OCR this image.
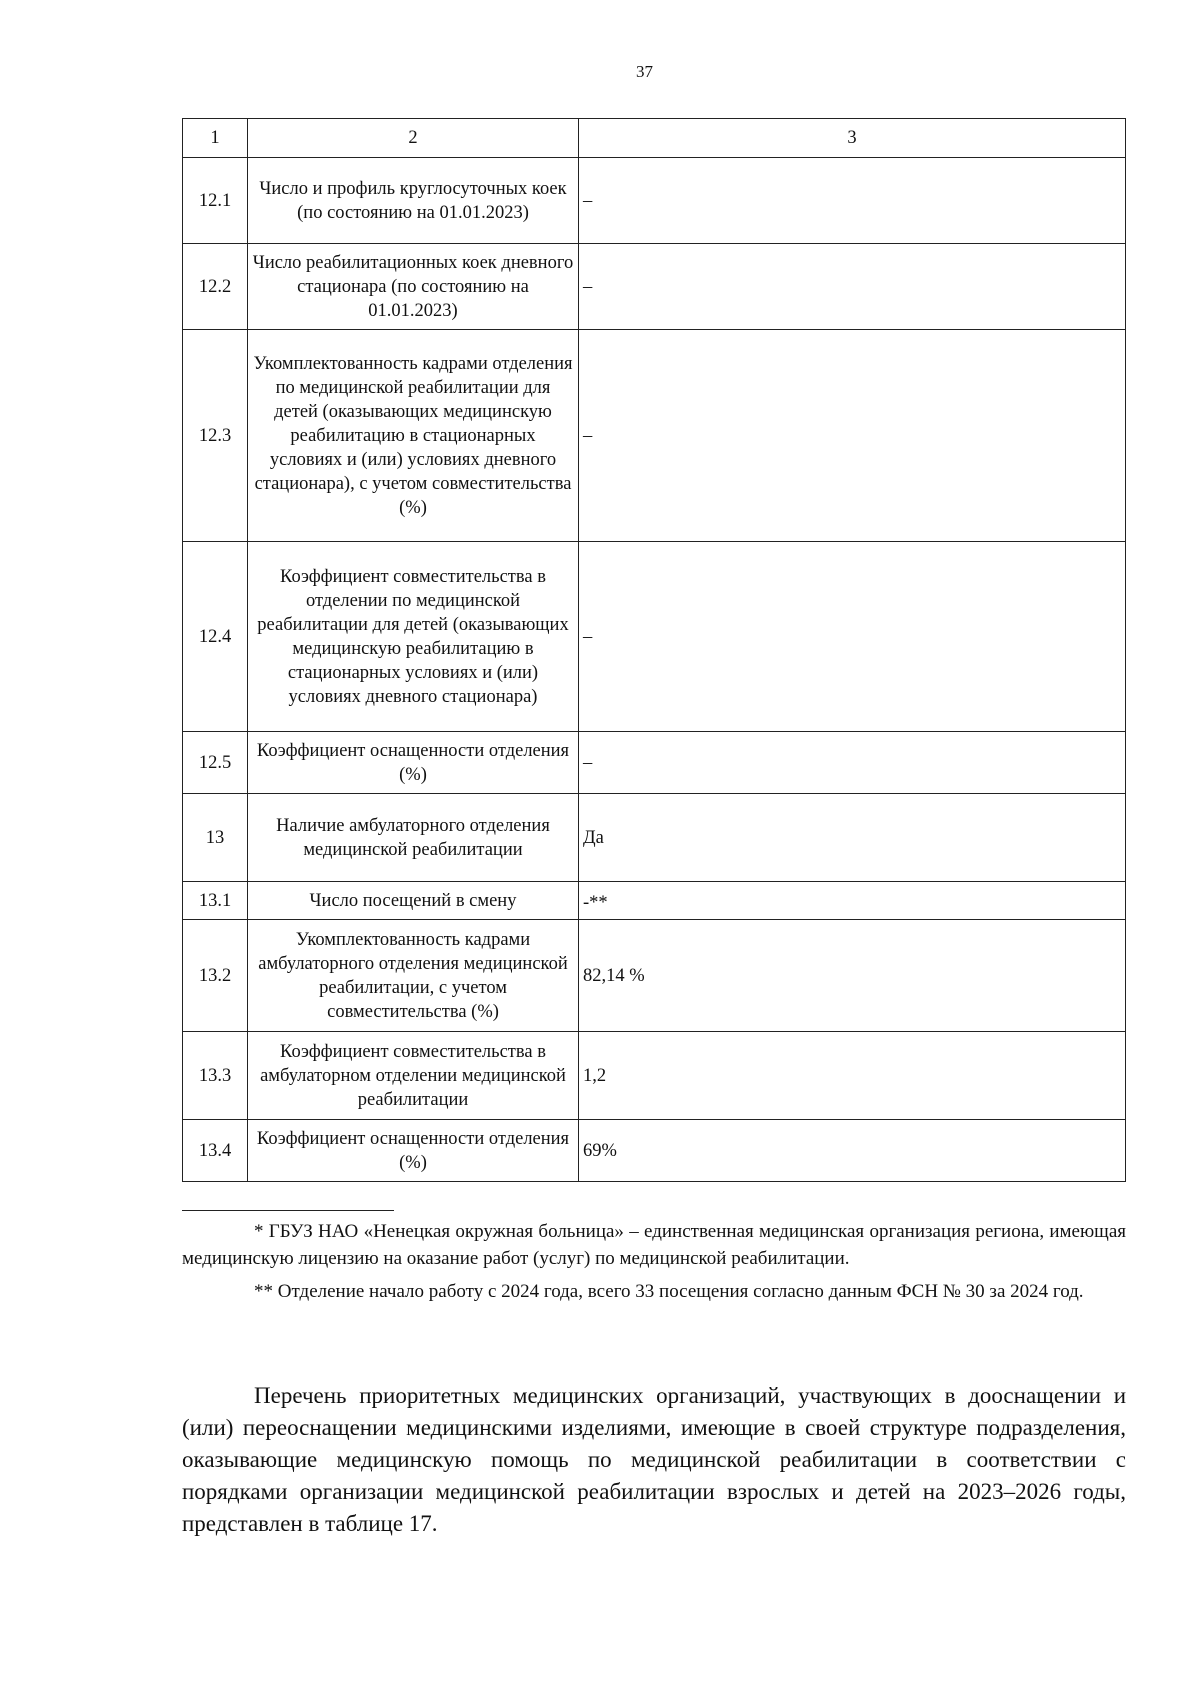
37
1	2	3
12.1	Число и профиль круглосуточных коек (по состоянию на 01.01.2023)	–
12.2	Число реабилитационных коек дневного стационара (по состоянию на 01.01.2023)	–
12.3	Укомплектованность кадрами отделения по медицинской реабилитации для детей (оказывающих медицинскую реабилитацию в стационарных условиях и (или) условиях дневного стационара), с учетом совместительства (%)	–
12.4	Коэффициент совместительства в отделении по медицинской реабилитации для детей (оказывающих медицинскую реабилитацию в стационарных условиях и (или) условиях дневного стационара)	–
12.5	Коэффициент оснащенности отделения (%)	–
13	Наличие амбулаторного отделения медицинской реабилитации	Да
13.1	Число посещений в смену	-**
13.2	Укомплектованность кадрами амбулаторного отделения медицинской реабилитации, с учетом совместительства (%)	82,14 %
13.3	Коэффициент совместительства в амбулаторном отделении медицинской реабилитации	1,2
13.4	Коэффициент оснащенности отделения (%)	69%

* ГБУЗ НАО «Ненецкая окружная больница» – единственная медицинская организация региона, имеющая медицинскую лицензию на оказание работ (услуг) по медицинской реабилитации.

** Отделение начало работу с 2024 года, всего 33 посещения согласно данным ФСН № 30 за 2024 год.

Перечень приоритетных медицинских организаций, участвующих в дооснащении и (или) переоснащении медицинскими изделиями, имеющие в своей структуре подразделения, оказывающие медицинскую помощь по медицинской реабилитации в соответствии с порядками организации медицинской реабилитации взрослых и детей на 2023–2026 годы, представлен в таблице 17.
